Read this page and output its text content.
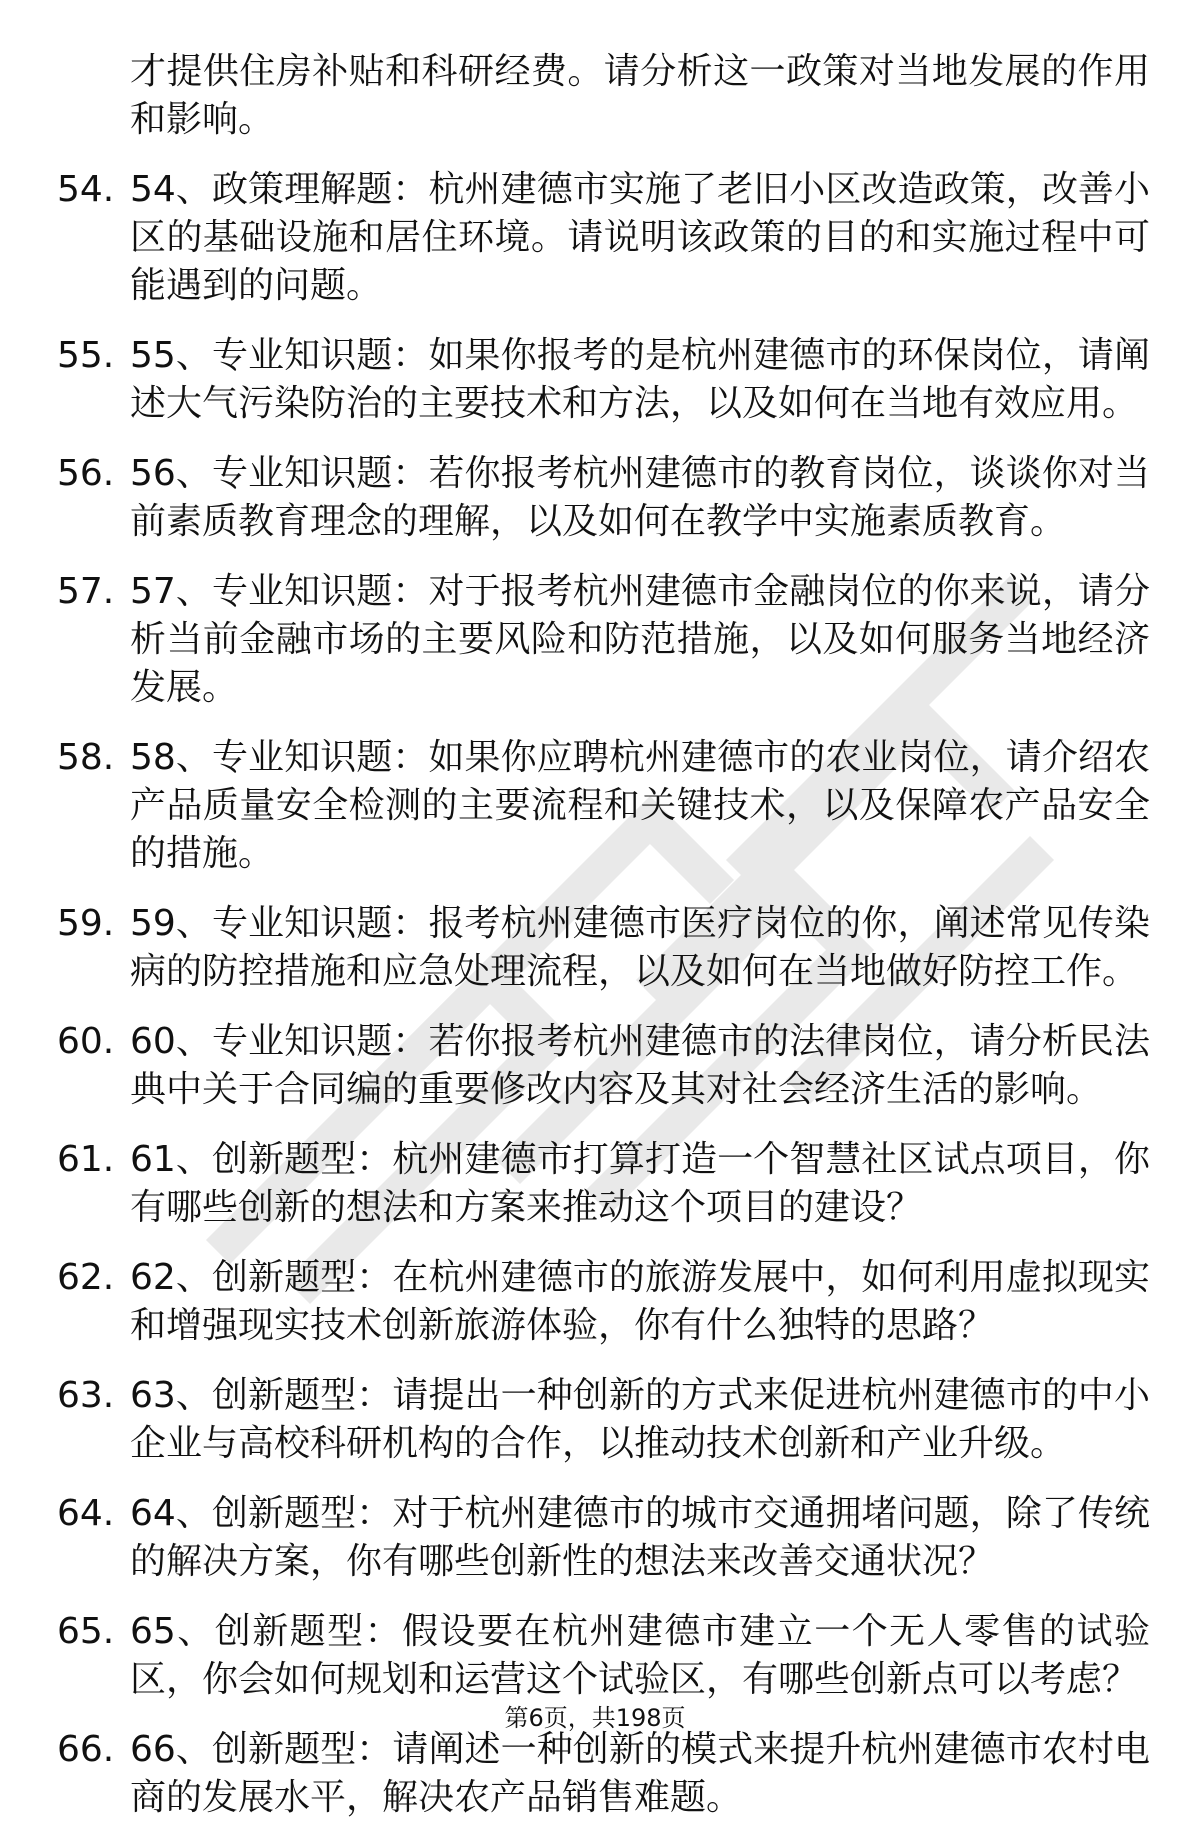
才提供住房补贴和科研经费。请分析这一政策对当地发展的作用和影响。
54. 54、政策理解题：杭州建德市实施了老旧小区改造政策，改善小区的基础设施和居住环境。请说明该政策的目的和实施过程中可能遇到的问题。
55. 55、专业知识题：如果你报考的是杭州建德市的环保岗位，请阐述大气污染防治的主要技术和方法，以及如何在当地有效应用。
56. 56、专业知识题：若你报考杭州建德市的教育岗位，谈谈你对当前素质教育理念的理解，以及如何在教学中实施素质教育。
57. 57、专业知识题：对于报考杭州建德市金融岗位的你来说，请分析当前金融市场的主要风险和防范措施，以及如何服务当地经济发展。
58. 58、专业知识题：如果你应聘杭州建德市的农业岗位，请介绍农产品质量安全检测的主要流程和关键技术，以及保障农产品安全的措施。
59. 59、专业知识题：报考杭州建德市医疗岗位的你，阐述常见传染病的防控措施和应急处理流程，以及如何在当地做好防控工作。
60. 60、专业知识题：若你报考杭州建德市的法律岗位，请分析民法典中关于合同编的重要修改内容及其对社会经济生活的影响。
61. 61、创新题型：杭州建德市打算打造一个智慧社区试点项目，你有哪些创新的想法和方案来推动这个项目的建设？
62. 62、创新题型：在杭州建德市的旅游发展中，如何利用虚拟现实和增强现实技术创新旅游体验，你有什么独特的思路？
63. 63、创新题型：请提出一种创新的方式来促进杭州建德市的中小企业与高校科研机构的合作，以推动技术创新和产业升级。
64. 64、创新题型：对于杭州建德市的城市交通拥堵问题，除了传统的解决方案，你有哪些创新性的想法来改善交通状况？
65. 65、创新题型：假设要在杭州建德市建立一个无人零售的试验区，你会如何规划和运营这个试验区，有哪些创新点可以考虑？
66. 66、创新题型：请阐述一种创新的模式来提升杭州建德市农村电商的发展水平，解决农产品销售难题。
第6页，共198页
